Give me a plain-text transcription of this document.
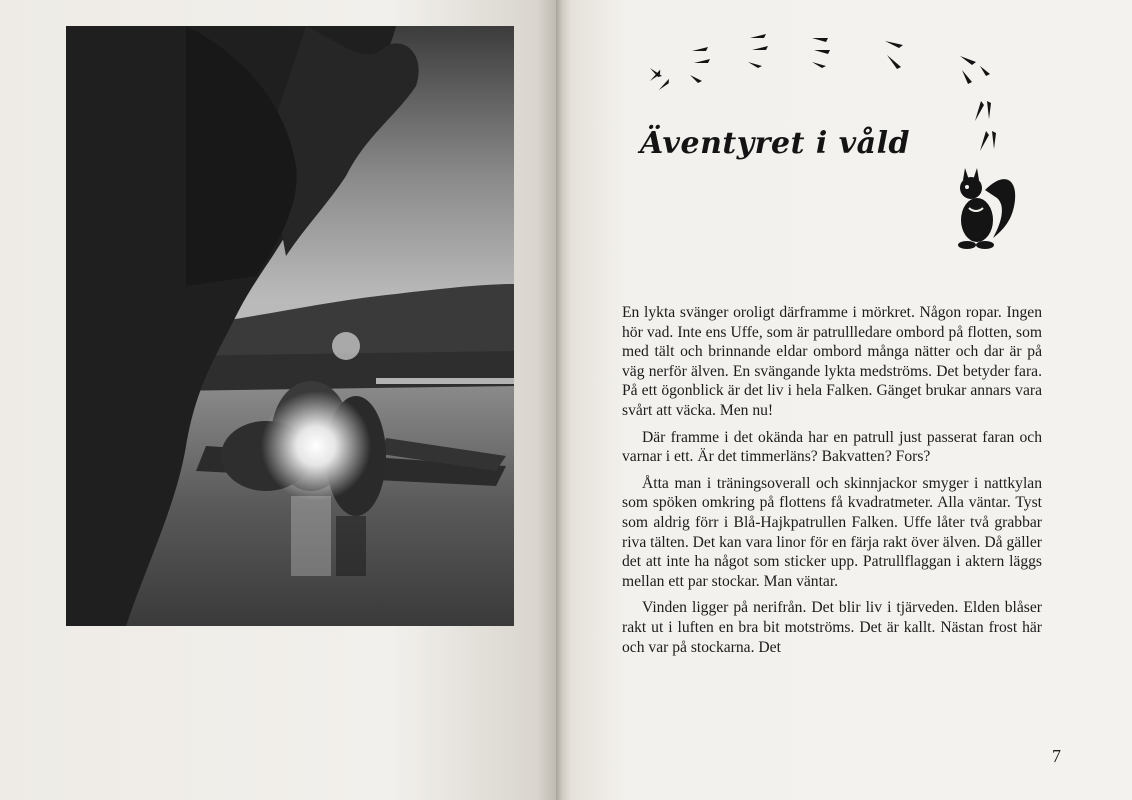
Äventyret i våld

En lykta svänger oroligt därframme i mörkret. Någon ropar. Ingen hör vad. Inte ens Uffe, som är patrullledare ombord på flotten, som med tält och brinnande eldar ombord många nätter och dar är på väg nerför älven. En svängande lykta medströms. Det betyder fara. På ett ögonblick är det liv i hela Falken. Gänget brukar annars vara svårt att väcka. Men nu!

Där framme i det okända har en patrull just passerat faran och varnar i ett. Är det timmerläns? Bakvatten? Fors?

Åtta man i träningsoverall och skinnjackor smyger i nattkylan som spöken omkring på flottens få kvadratmeter. Alla väntar. Tyst som aldrig förr i Blå-Hajkpatrullen Falken. Uffe låter två grabbar riva tälten. Det kan vara linor för en färja rakt över älven. Då gäller det att inte ha något som sticker upp. Patrullflaggan i aktern läggs mellan ett par stockar. Man väntar.

Vinden ligger på nerifrån. Det blir liv i tjärveden. Elden blåser rakt ut i luften en bra bit motströms. Det är kallt. Nästan frost här och var på stockarna. Det

7
